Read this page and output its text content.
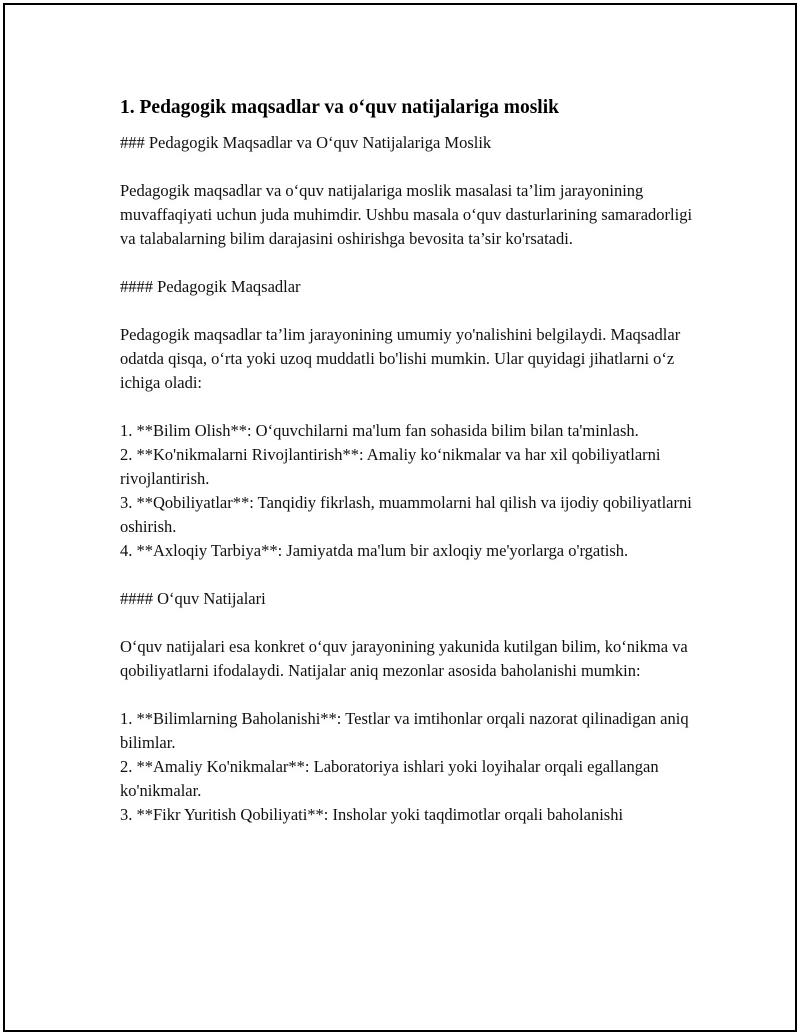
1. Pedagogik maqsadlar va o‘quv natijalariga moslik

### Pedagogik Maqsadlar va O‘quv Natijalariga Moslik

Pedagogik maqsadlar va o‘quv natijalariga moslik masalasi ta’lim jarayonining muvaffaqiyati uchun juda muhimdir. Ushbu masala o‘quv dasturlarining samaradorligi va talabalarning bilim darajasini oshirishga bevosita ta’sir ko'rsatadi.

#### Pedagogik Maqsadlar

Pedagogik maqsadlar ta’lim jarayonining umumiy yo'nalishini belgilaydi. Maqsadlar odatda qisqa, o‘rta yoki uzoq muddatli bo'lishi mumkin. Ular quyidagi jihatlarni o‘z ichiga oladi:

1. **Bilim Olish**: O‘quvchilarni ma'lum fan sohasida bilim bilan ta'minlash.

2. **Ko'nikmalarni Rivojlantirish**: Amaliy ko‘nikmalar va har xil qobiliyatlarni rivojlantirish.

3. **Qobiliyatlar**: Tanqidiy fikrlash, muammolarni hal qilish va ijodiy qobiliyatlarni oshirish.

4. **Axloqiy Tarbiya**: Jamiyatda ma'lum bir axloqiy me'yorlarga o'rgatish.

#### O‘quv Natijalari

O‘quv natijalari esa konkret o‘quv jarayonining yakunida kutilgan bilim, ko‘nikma va qobiliyatlarni ifodalaydi. Natijalar aniq mezonlar asosida baholanishi mumkin:

1. **Bilimlarning Baholanishi**: Testlar va imtihonlar orqali nazorat qilinadigan aniq bilimlar.

2. **Amaliy Ko'nikmalar**: Laboratoriya ishlari yoki loyihalar orqali egallangan ko'nikmalar.

3. **Fikr Yuritish Qobiliyati**: Insholar yoki taqdimotlar orqali baholanishi
